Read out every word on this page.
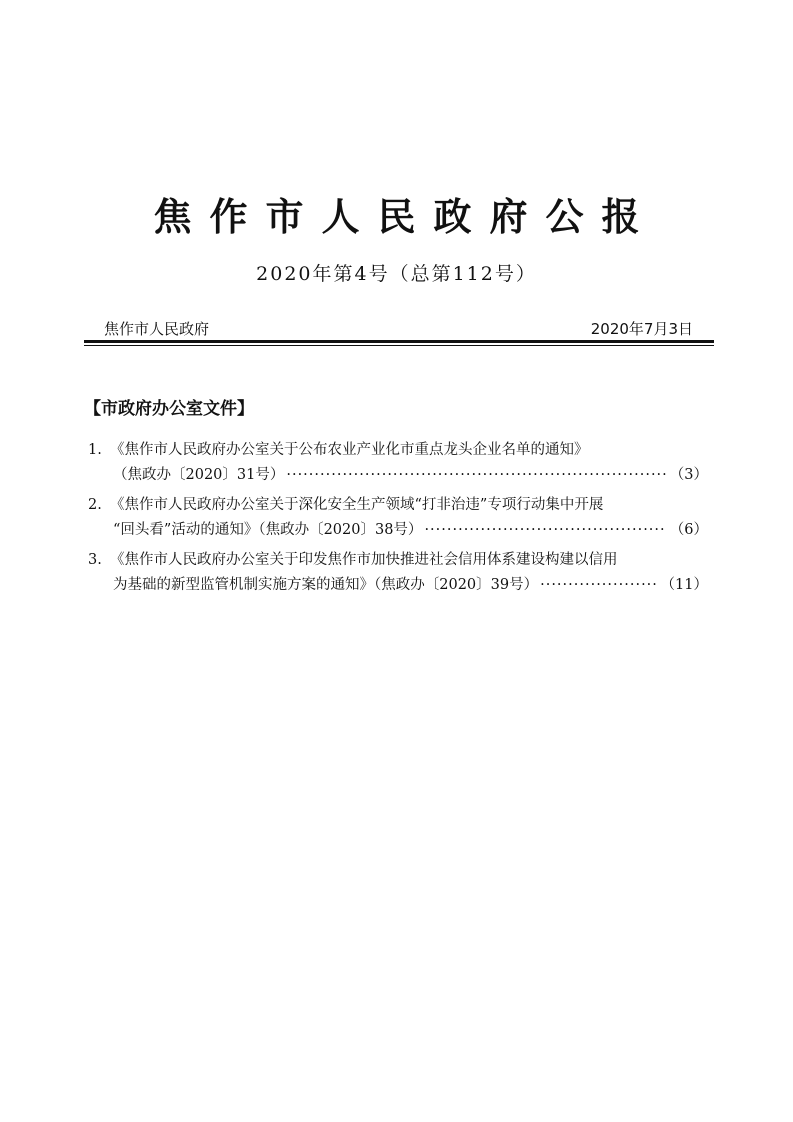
焦作市人民政府公报
2020年第4号（总第112号）
焦作市人民政府	2020年7月3日
【市政府办公室文件】
1. 《焦作市人民政府办公室关于公布农业产业化市重点龙头企业名单的通知》
（焦政办〔2020〕31号） ·····	（3）
2. 《焦作市人民政府办公室关于深化安全生产领域“打非治违”专项行动集中开展
“回头看”活动的通知》（焦政办〔2020〕38号） ·····	（6）
3. 《焦作市人民政府办公室关于印发焦作市加快推进社会信用体系建设构建以信用
为基础的新型监管机制实施方案的通知》（焦政办〔2020〕39号） ·····	（11）
